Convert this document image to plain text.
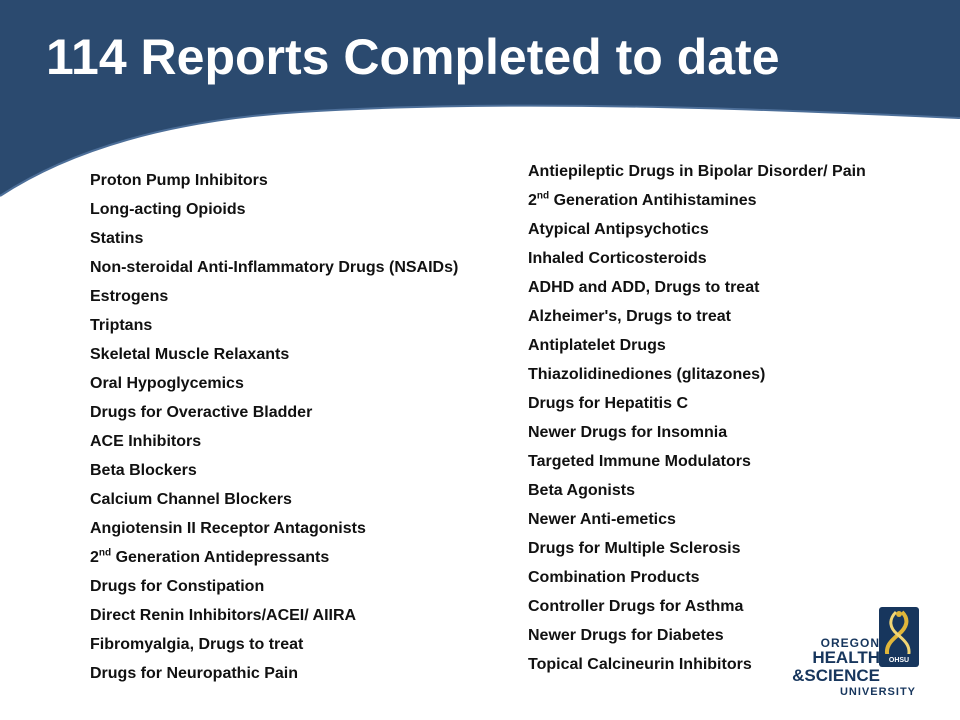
114 Reports Completed to date
Proton Pump Inhibitors
Long-acting Opioids
Statins
Non-steroidal Anti-Inflammatory Drugs (NSAIDs)
Estrogens
Triptans
Skeletal Muscle Relaxants
Oral Hypoglycemics
Drugs for Overactive Bladder
ACE Inhibitors
Beta Blockers
Calcium Channel Blockers
Angiotensin II Receptor Antagonists
2nd Generation Antidepressants
Drugs for Constipation
Direct Renin Inhibitors/ACEI/ AIIRA
Fibromyalgia, Drugs to treat
Drugs for Neuropathic Pain
Antiepileptic Drugs in Bipolar Disorder/ Pain
2nd Generation Antihistamines
Atypical Antipsychotics
Inhaled Corticosteroids
ADHD and ADD, Drugs to treat
Alzheimer's, Drugs to treat
Antiplatelet Drugs
Thiazolidinediones (glitazones)
Drugs for Hepatitis C
Newer Drugs for Insomnia
Targeted Immune Modulators
Beta Agonists
Newer Anti-emetics
Drugs for Multiple Sclerosis
Combination Products
Controller Drugs for Asthma
Newer Drugs for Diabetes
Topical Calcineurin Inhibitors	OHSU
OREGON
HEALTH
&SCIENCE
UNIVERSITY
